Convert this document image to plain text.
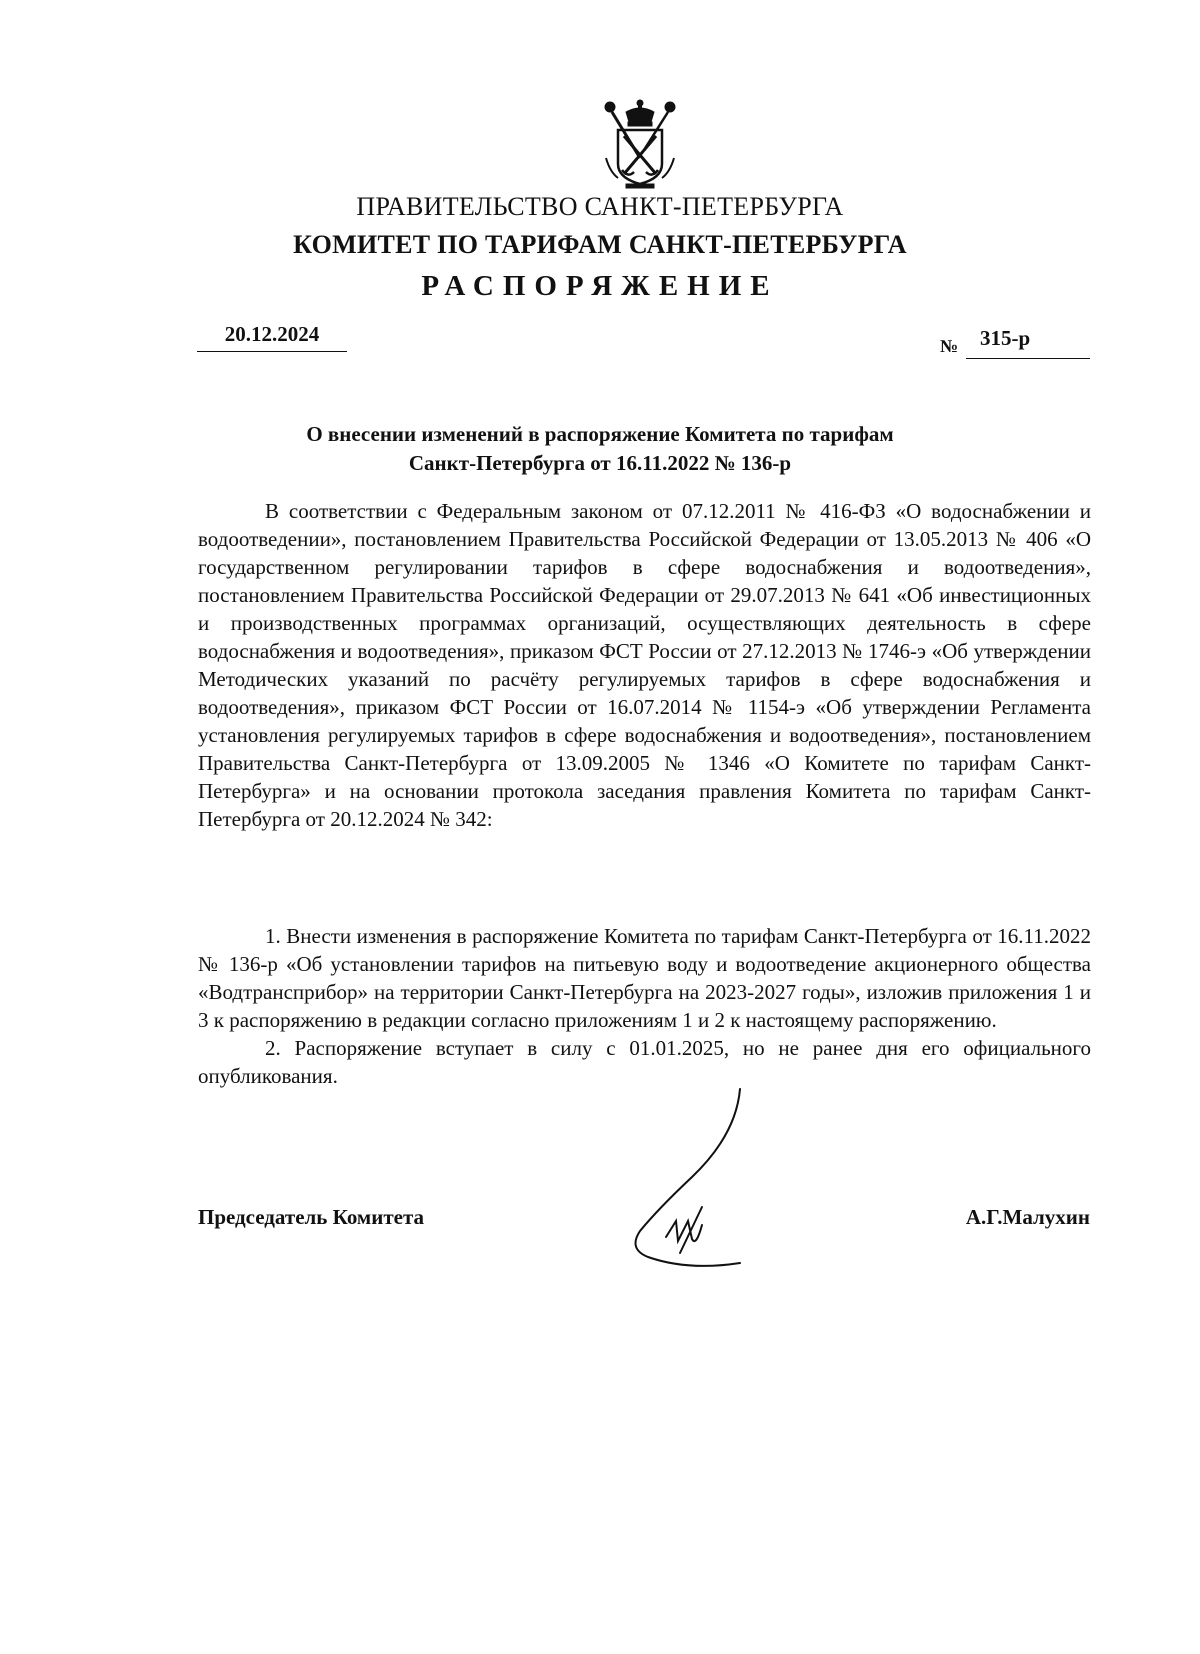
ПРАВИТЕЛЬСТВО САНКТ-ПЕТЕРБУРГА
КОМИТЕТ ПО ТАРИФАМ САНКТ-ПЕТЕРБУРГА
РАСПОРЯЖЕНИЕ
20.12.2024	№ 315-р
О внесении изменений в распоряжение Комитета по тарифам
Санкт-Петербурга от 16.11.2022 № 136-р

В соответствии с Федеральным законом от 07.12.2011 № 416-ФЗ «О водоснабжении и водоотведении», постановлением Правительства Российской Федерации от 13.05.2013 № 406 «О государственном регулировании тарифов в сфере водоснабжения и водоотведения», постановлением Правительства Российской Федерации от 29.07.2013 № 641 «Об инвестиционных и производственных программах организаций, осуществляющих деятельность в сфере водоснабжения и водоотведения», приказом ФСТ России от 27.12.2013 № 1746-э «Об утверждении Методических указаний по расчёту регулируемых тарифов в сфере водоснабжения и водоотведения», приказом ФСТ России от 16.07.2014 № 1154-э «Об утверждении Регламента установления регулируемых тарифов в сфере водоснабжения и водоотведения», постановлением Правительства Санкт-Петербурга от 13.09.2005 № 1346 «О Комитете по тарифам Санкт-Петербурга» и на основании протокола заседания правления Комитета по тарифам Санкт-Петербурга от 20.12.2024 № 342:

1. Внести изменения в распоряжение Комитета по тарифам Санкт-Петербурга от 16.11.2022 № 136-р «Об установлении тарифов на питьевую воду и водоотведение акционерного общества «Водтрансприбор» на территории Санкт-Петербурга на 2023-2027 годы», изложив приложения 1 и 3 к распоряжению в редакции согласно приложениям 1 и 2 к настоящему распоряжению.

2. Распоряжение вступает в силу с 01.01.2025, но не ранее дня его официального опубликования.

Председатель Комитета	А.Г.Малухин
